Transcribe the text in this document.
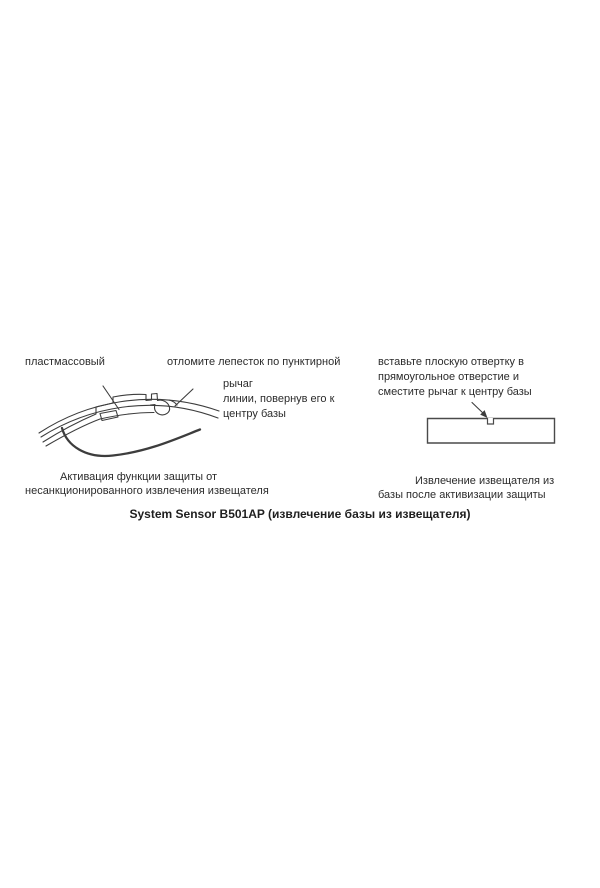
пластмассовый	отломите лепесток по пунктирной
рычаг
линии, повернув его к
центру базы
вставьте плоскую отвертку в
прямоугольное отверстие и
сместите рычаг к центру базы
Активация функции защиты от
несанкционированного извлечения извещателя
Извлечение извещателя из
базы после активизации защиты
System Sensor B501AP (извлечение базы из извещателя)
